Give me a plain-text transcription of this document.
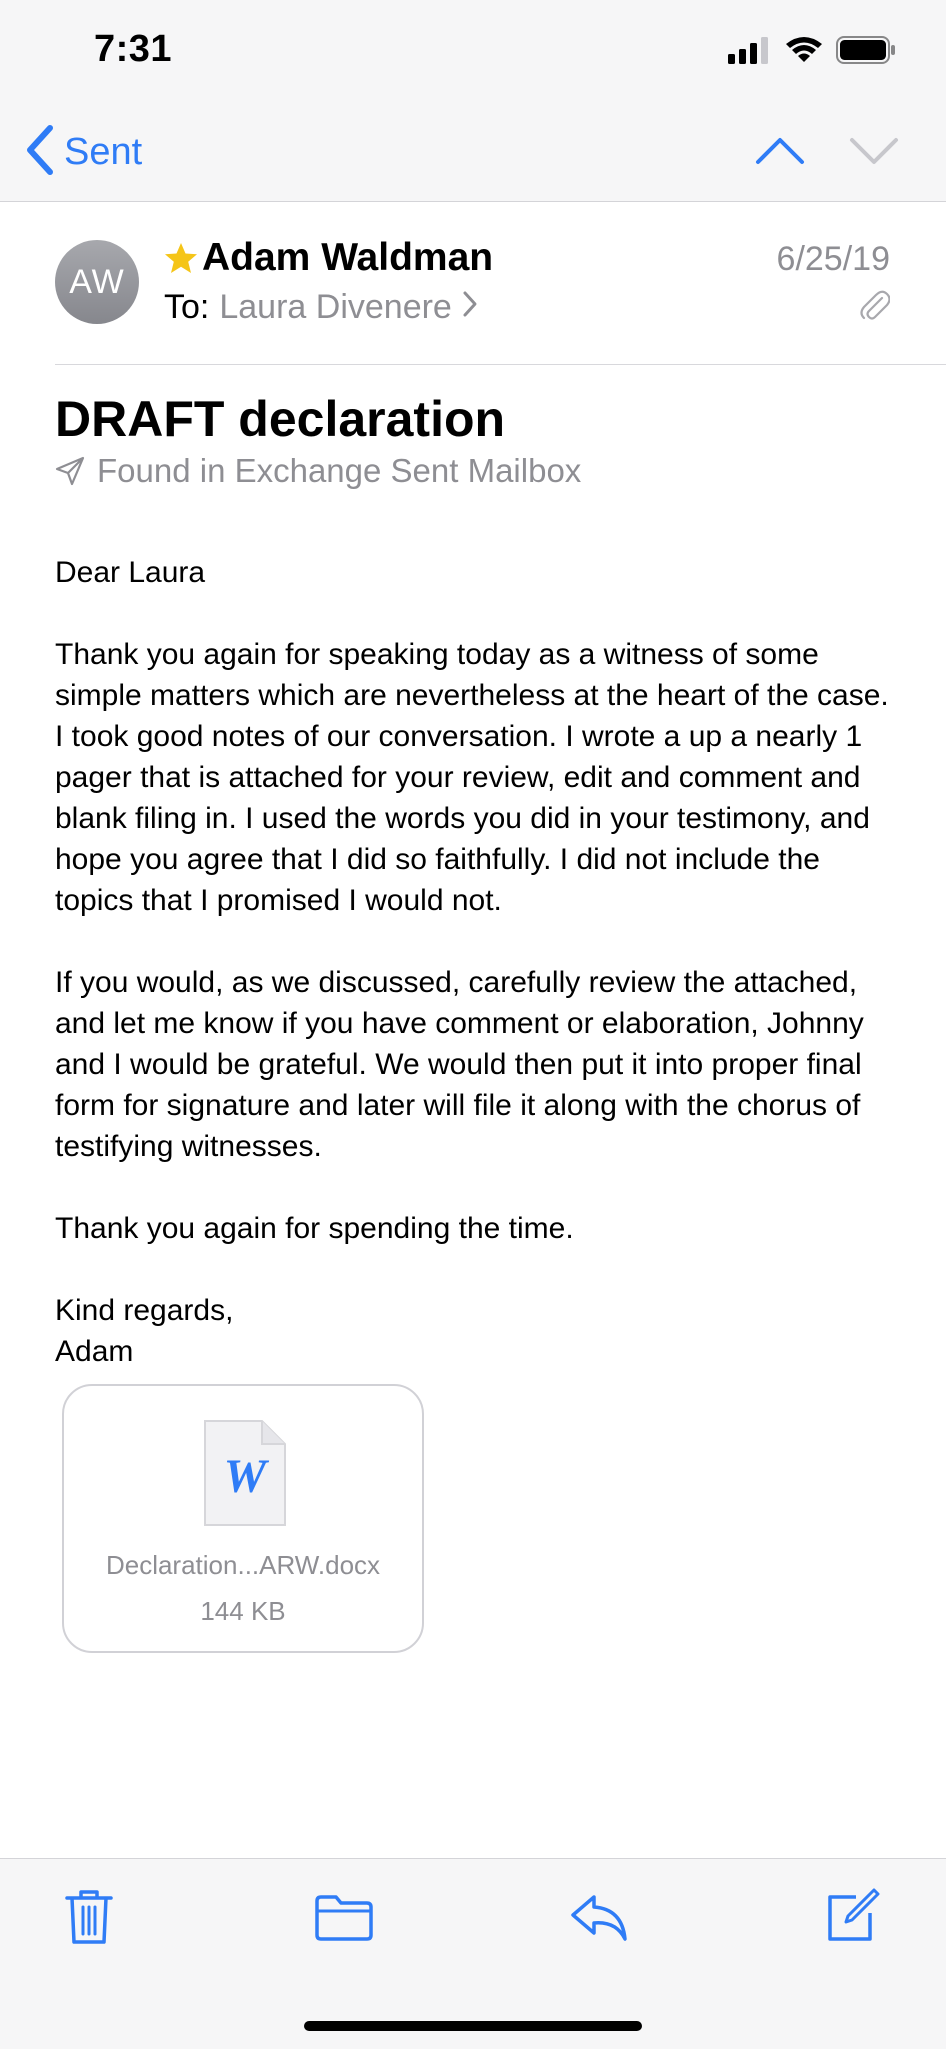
7:31
Sent
AW
Adam Waldman
To: Laura Divenere
6/25/19
DRAFT declaration
Found in Exchange Sent Mailbox

Dear Laura

Thank you again for speaking today as a witness of some simple matters which are nevertheless at the heart of the case. I took good notes of our conversation. I wrote a up a nearly 1 pager that is attached for your review, edit and comment and blank filing in. I used the words you did in your testimony, and hope you agree that I did so faithfully. I did not include the topics that I promised I would not.

If you would, as we discussed, carefully review the attached, and let me know if you have comment or elaboration, Johnny and I would be grateful. We would then put it into proper final form for signature and later will file it along with the chorus of testifying witnesses.

Thank you again for spending the time.

Kind regards,

Adam

W
Declaration...ARW.docx
144 KB
